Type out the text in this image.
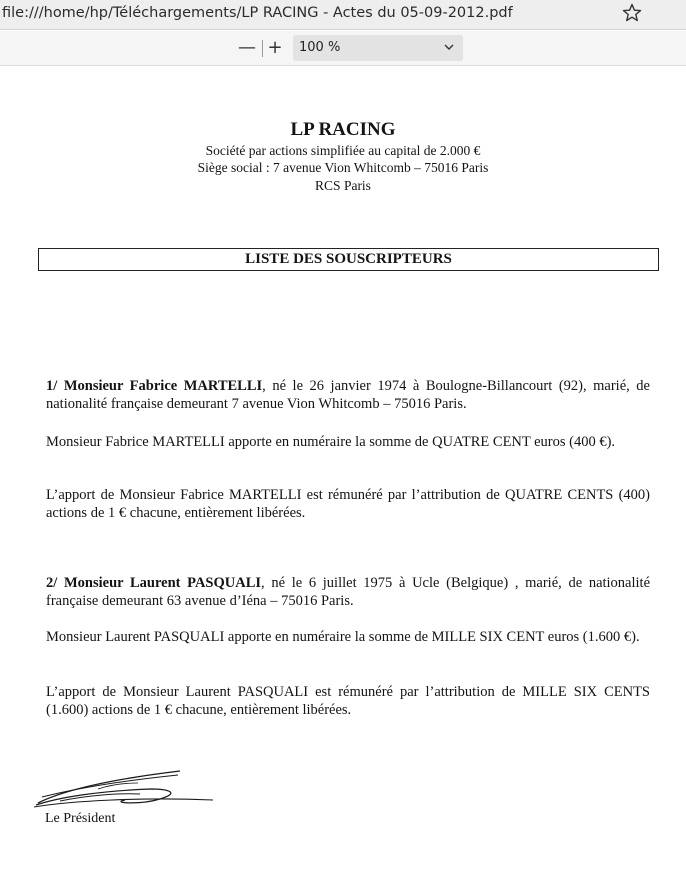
file:///home/hp/Téléchargements/LP RACING - Actes du 05-09-2012.pdf
— + 100 %
LP RACING
Société par actions simplifiée au capital de 2.000 €
Siège social : 7 avenue Vion Whitcomb – 75016 Paris
RCS Paris
LISTE DES SOUSCRIPTEURS

1/ Monsieur Fabrice MARTELLI, né le 26 janvier 1974 à Boulogne-Billancourt (92), marié, de nationalité française demeurant 7 avenue Vion Whitcomb – 75016 Paris.

Monsieur Fabrice MARTELLI apporte en numéraire la somme de QUATRE CENT euros (400 €).

L’apport de Monsieur Fabrice MARTELLI est rémunéré par l’attribution de QUATRE CENTS (400) actions de 1 € chacune, entièrement libérées.

2/ Monsieur Laurent PASQUALI, né le 6 juillet 1975 à Ucle (Belgique) , marié, de nationalité française demeurant 63 avenue d’Iéna – 75016 Paris.

Monsieur Laurent PASQUALI apporte en numéraire la somme de MILLE SIX CENT euros (1.600 €).

L’apport de Monsieur Laurent PASQUALI est rémunéré par l’attribution de MILLE SIX CENTS (1.600) actions de 1 € chacune, entièrement libérées.

Le Président
